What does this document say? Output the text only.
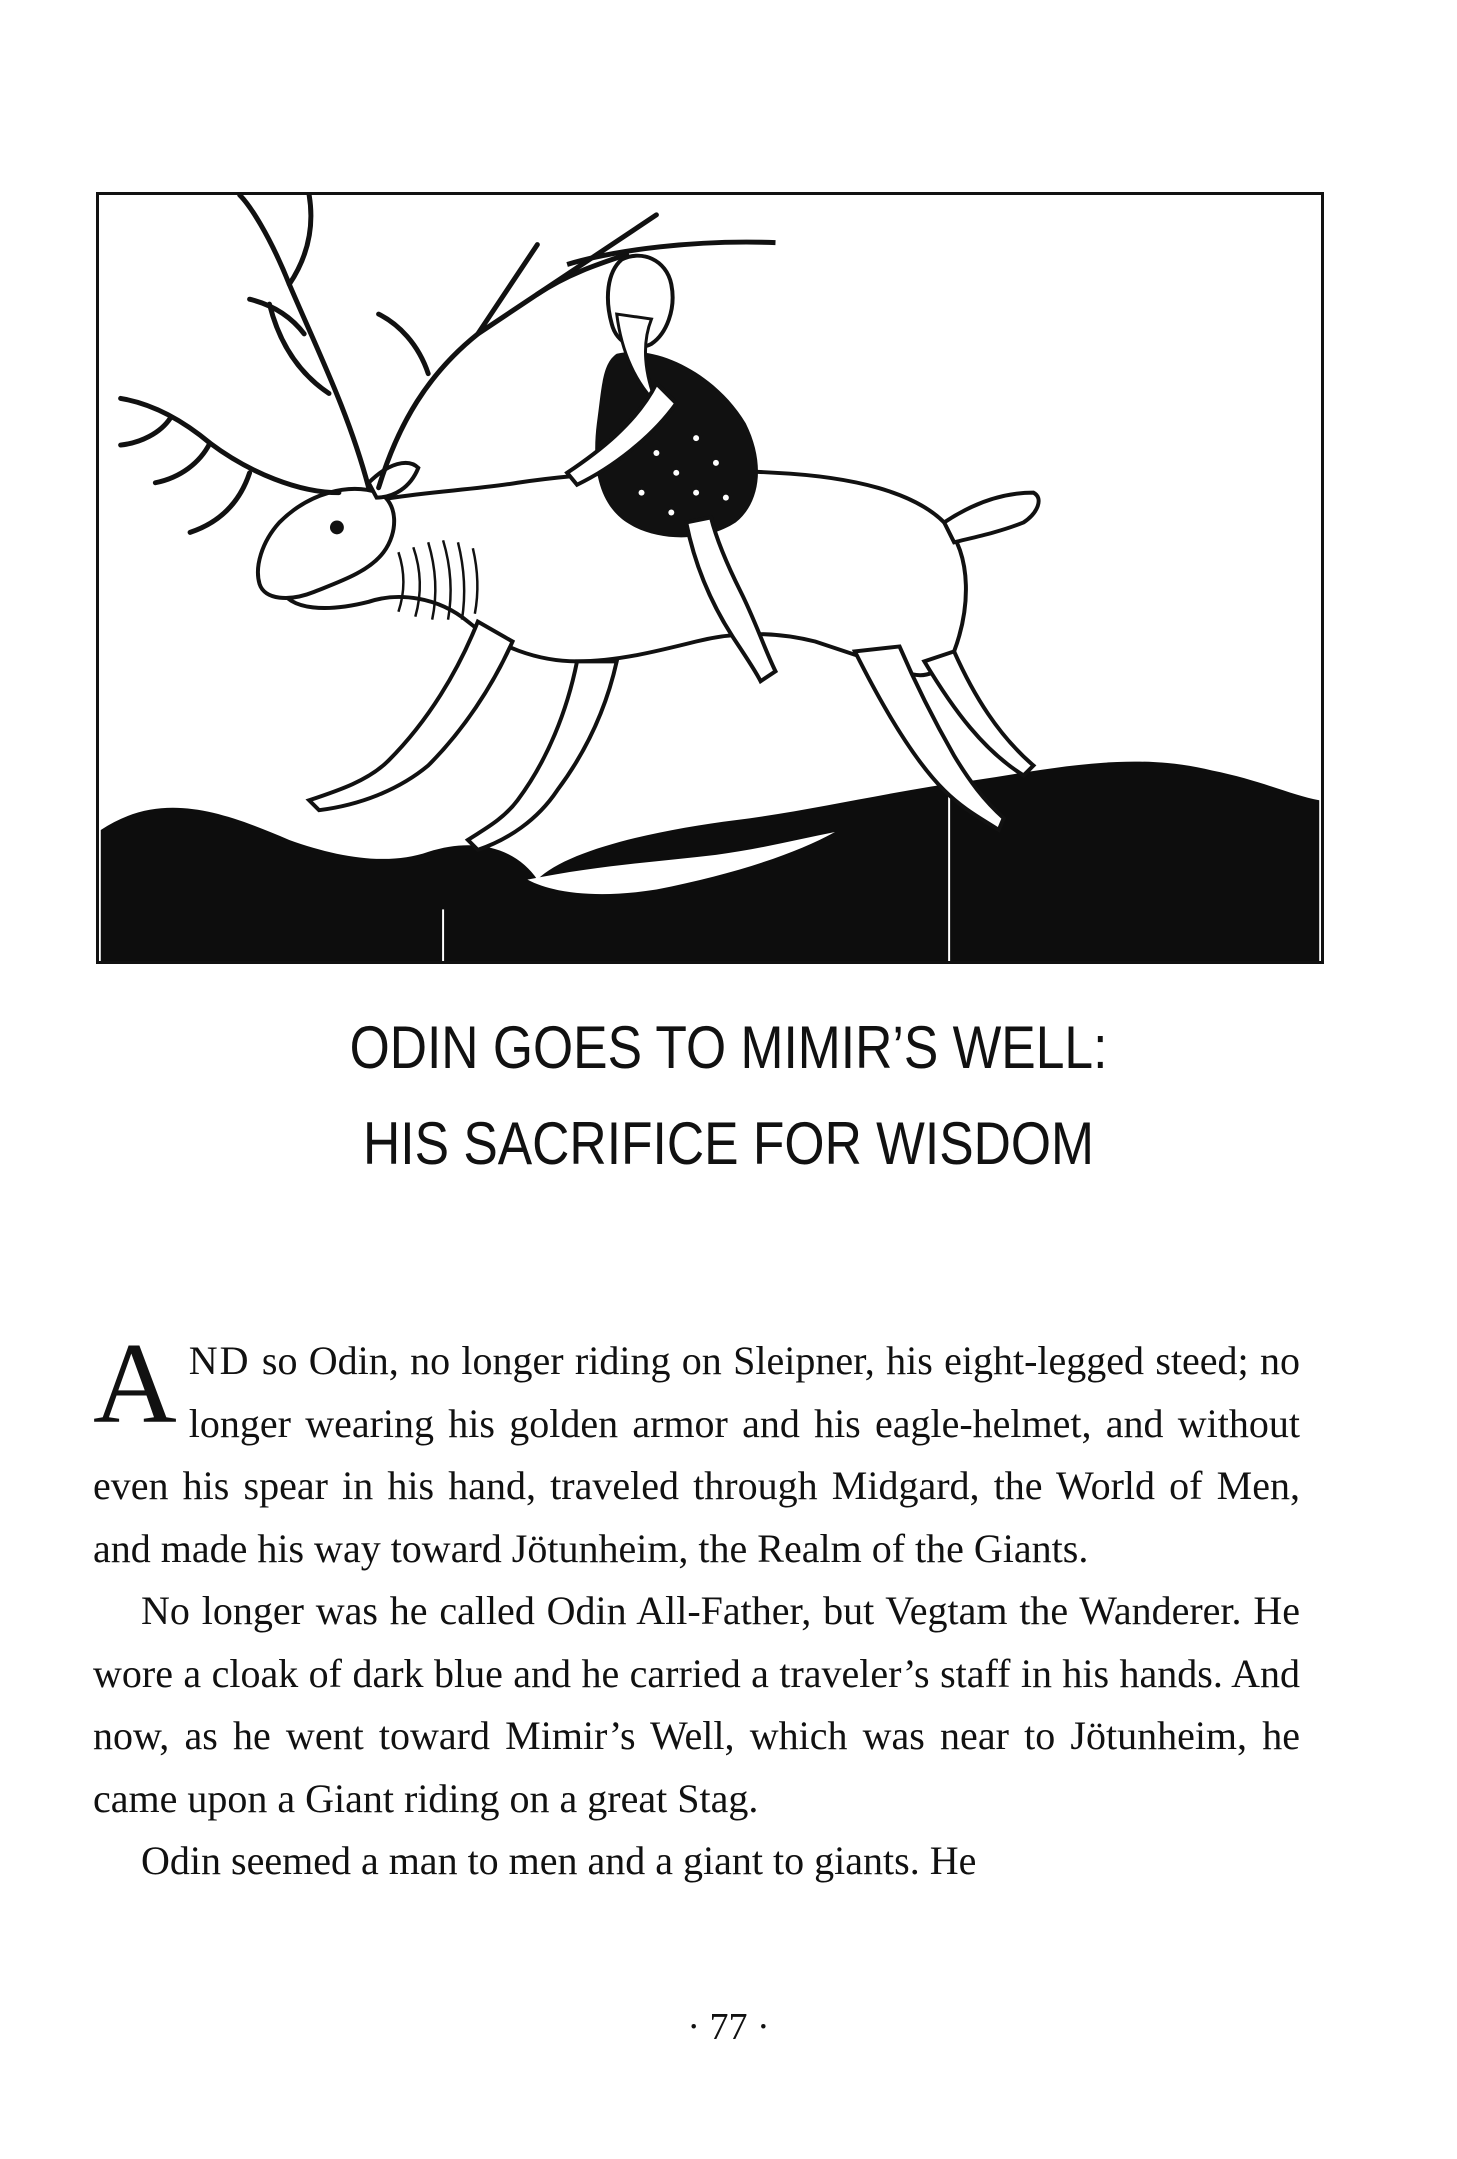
ODIN GOES TO MIMIR’S WELL:
HIS SACRIFICE FOR WISDOM

AND so Odin, no longer riding on Sleipner, his eight-legged steed; no longer wearing his golden armor and his eagle-helmet, and without even his spear in his hand, traveled through Midgard, the World of Men, and made his way toward Jötunheim, the Realm of the Giants.

No longer was he called Odin All-Father, but Vegtam the Wanderer. He wore a cloak of dark blue and he carried a traveler’s staff in his hands. And now, as he went toward Mimir’s Well, which was near to Jötunheim, he came upon a Giant riding on a great Stag.

Odin seemed a man to men and a giant to giants. He

· 77 ·
